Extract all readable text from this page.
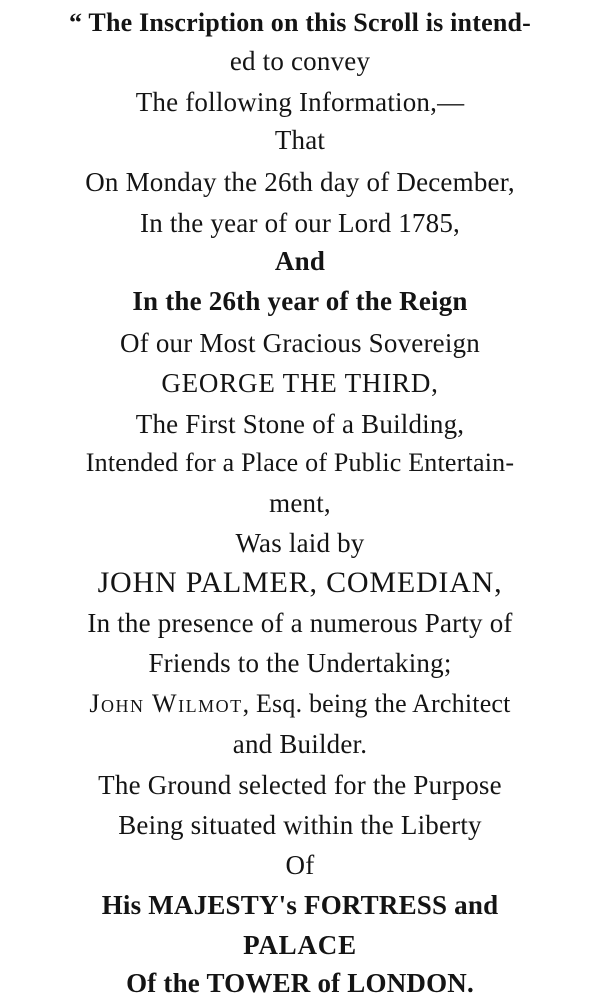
“ The Inscription on this Scroll is intend-
ed to convey
The following Information,—
That
On Monday the 26th day of December,
In the year of our Lord 1785,
And
In the 26th year of the Reign
Of our Most Gracious Sovereign
GEORGE THE THIRD,
The First Stone of a Building,
Intended for a Place of Public Entertain-
ment,
Was laid by
JOHN PALMER, COMEDIAN,
In the presence of a numerous Party of
Friends to the Undertaking;
John Wilmot, Esq. being the Architect
and Builder.
The Ground selected for the Purpose
Being situated within the Liberty
Of
His MAJESTY's FORTRESS and
PALACE
Of the TOWER of LONDON.
